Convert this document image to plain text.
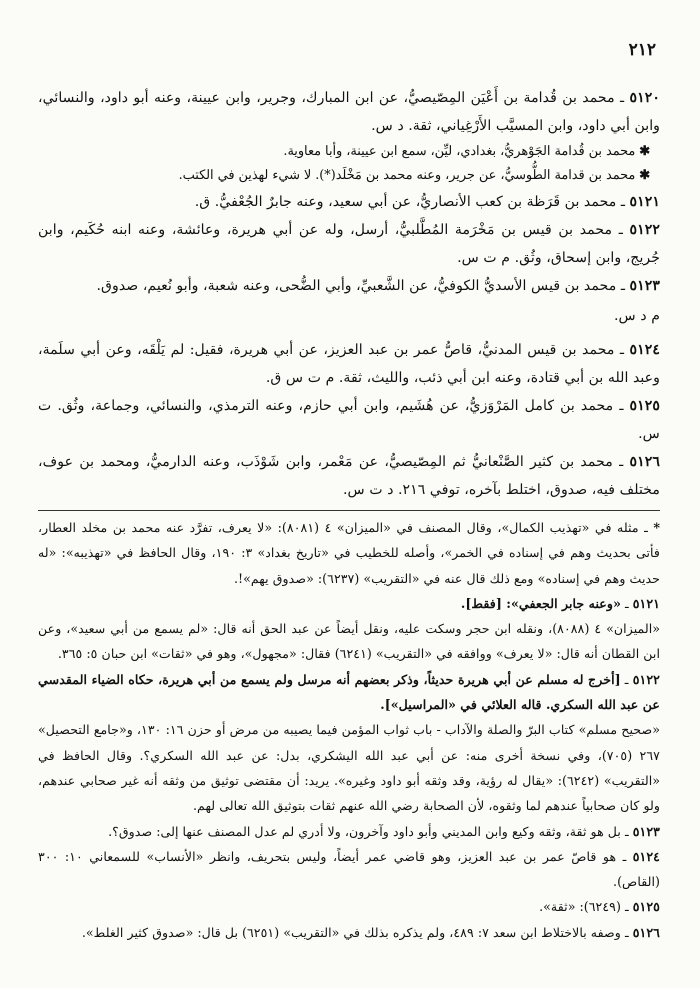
٢١٢

٥١٢٠ ـ محمد بن قُدامة بن أَعْيَن المِصّيصيُّ، عن ابن المبارك، وجرير، وابن عيينة، وعنه أبو داود، والنسائي، وابن أبي داود، وابن المسيَّب الأَرْغِياني، ثقة. د س.

✱محمد بن قُدامة الجَوْهريُّ، بغدادي، ليِّن، سمع ابن عيينة، وأبا معاوية.

✱محمد بن قدامة الطُّوسيُّ، عن جرير، وعنه محمد بن مَخْلَد(*). لا شيء لهذين في الكتب.

٥١٢١ ـ محمد بن قَرَظة بن كعب الأنصاريُّ، عن أبي سعيد، وعنه جابرٌ الجُعْفيُّ. ق.

٥١٢٢ ـ محمد بن قيس بن مَخْرَمة المُطَّلبيُّ، أرسل، وله عن أبي هريرة، وعائشة، وعنه ابنه حُكَيم، وابن جُريج، وابن إسحاق، وثُق. م ت س.

٥١٢٣ ـ محمد بن قيس الأسديُّ الكوفيُّ، عن الشَّعبيِّ، وأبي الضُّحى، وعنه شعبة، وأبو نُعيم، صدوق.

م د س.

٥١٢٤ ـ محمد بن قيس المدنيُّ، قاصُّ عمر بن عبد العزيز، عن أبي هريرة، فقيل: لم يَلْقَه، وعن أبي سلَمة، وعبد الله بن أبي قتادة، وعنه ابن أبي ذئب، والليث، ثقة. م ت س ق.

٥١٢٥ ـ محمد بن كامل المَرْوَزيُّ، عن هُشَيم، وابن أبي حازم، وعنه الترمذي، والنسائي، وجماعة، وثُق. ت س.

٥١٢٦ ـ محمد بن كثير الصَّنْعانيُّ ثم المِصّيصيُّ، عن مَعْمر، وابن شَوْذَب، وعنه الدارميُّ، ومحمد بن عوف، مختلف فيه، صدوق، اختلط بآخره، توفي ٢١٦. د ت س.

* ـ مثله في «تهذيب الكمال»، وقال المصنف في «الميزان» ٤ (٨٠٨١): «لا يعرف، تفرَّد عنه محمد بن مخلد العطار، فأتى بحديث وهم في إسناده في الخمر»، وأصله للخطيب في «تاريخ بغداد» ٣: ١٩٠، وقال الحافظ في «تهذيبه»: «له حديث وهم في إسناده» ومع ذلك قال عنه في «التقريب» (٦٢٣٧): «صدوق يهم»!.

٥١٢١ ـ «وعنه جابر الجعفي»: [فقط].

«الميزان» ٤ (٨٠٨٨)، ونقله ابن حجر وسكت عليه، ونقل أيضاً عن عبد الحق أنه قال: «لم يسمع من أبي سعيد»، وعن ابن القطان أنه قال: «لا يعرف» ووافقه في «التقريب» (٦٢٤١) فقال: «مجهول»، وهو في «ثقات» ابن حبان ٥: ٣٦٥.

٥١٢٢ ـ [أخرج له مسلم عن أبي هريرة حديثاً، وذكر بعضهم أنه مرسل ولم يسمع من أبي هريرة، حكاه الضياء المقدسي عن عبد الله السكري. قاله العلائي في «المراسيل»].

«صحيح مسلم» كتاب البرّ والصلة والآداب - باب ثواب المؤمن فيما يصيبه من مرض أو حزن ١٦: ١٣٠، و«جامع التحصيل» ٢٦٧ (٧٠٥)، وفي نسخة أخرى منه: عن أبي عبد الله اليشكري، بدل: عن عبد الله السكري؟. وقال الحافظ في «التقريب» (٦٢٤٢): «يقال له رؤية، وقد وثقه أبو داود وغيره». يريد: أن مقتضى توثيق من وثقه أنه غير صحابي عندهم، ولو كان صحابياً عندهم لما وثقوه، لأن الصحابة رضي الله عنهم ثقات بتوثيق الله تعالى لهم.

٥١٢٣ ـ بل هو ثقة، وثقه وكيع وابن المديني وأبو داود وآخرون، ولا أدري لم عدل المصنف عنها إلى: صدوق؟.

٥١٢٤ ـ هو قاصّ عمر بن عبد العزيز، وهو قاضي عمر أيضاً، وليس بتحريف، وانظر «الأنساب» للسمعاني ١٠: ٣٠٠ (القاص).

٥١٢٥ ـ (٦٢٤٩): «ثقة».

٥١٢٦ ـ وصفه بالاختلاط ابن سعد ٧: ٤٨٩، ولم يذكره بذلك في «التقريب» (٦٢٥١) بل قال: «صدوق كثير الغلط».
